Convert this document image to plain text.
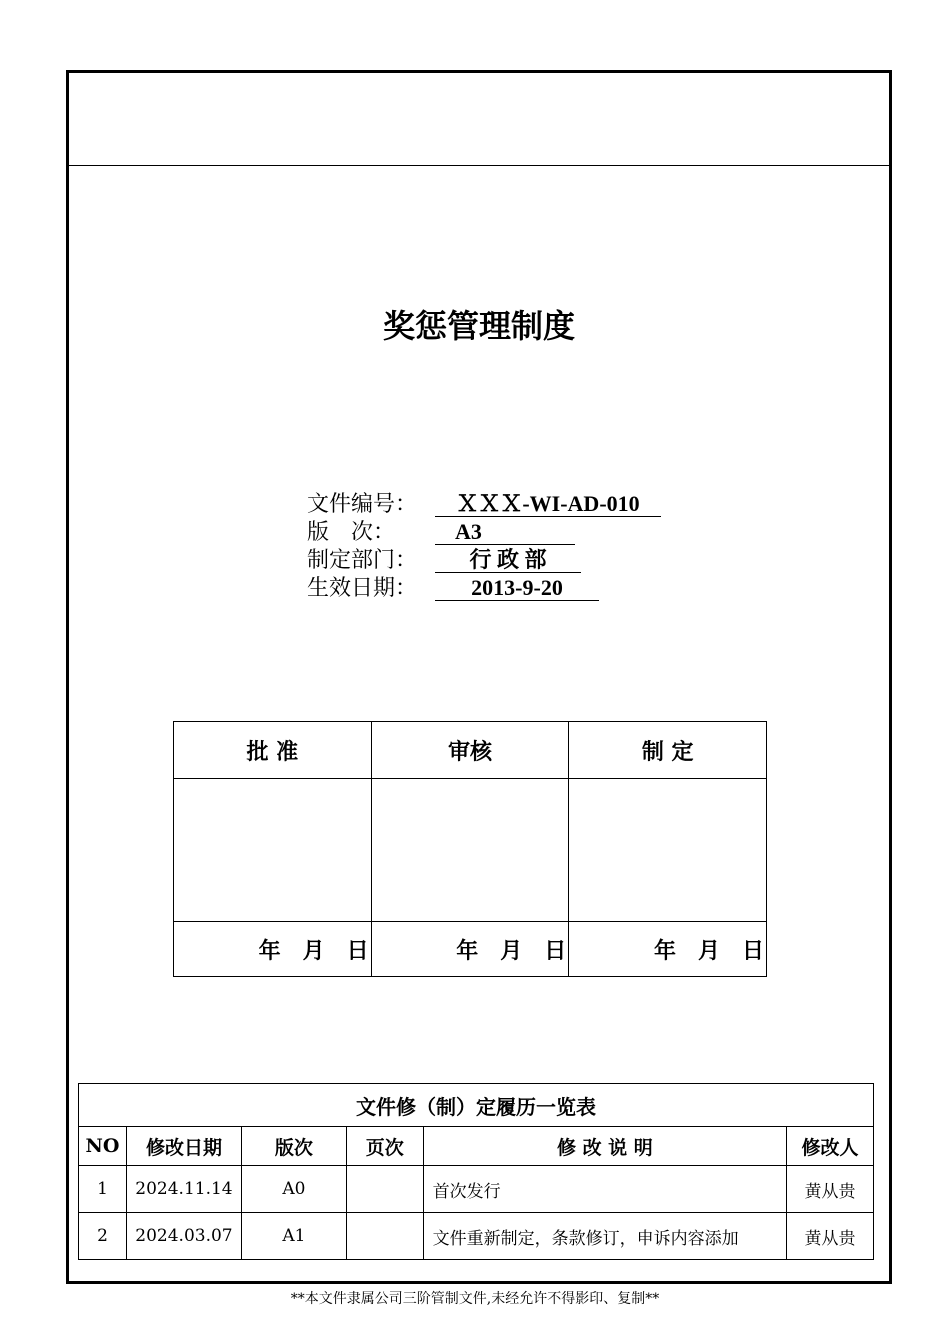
奖惩管理制度
文件编号： ＸＸＸ-WI-AD-010
版　次：	A3
制定部门： 行 政 部
生效日期： 2013-9-20
批 准	审核	制 定

年　月　日	年　月　日	年　月　日
文件修（制）定履历一览表					
NO	修改日期	版次	页次	修 改 说 明	修改人
1	2024.11.14	A0		首次发行	黄从贵
2	2024.03.07	A1		文件重新制定，条款修订，申诉内容添加	黄从贵
**本文件隶属公司三阶管制文件,未经允许不得影印、复制**
